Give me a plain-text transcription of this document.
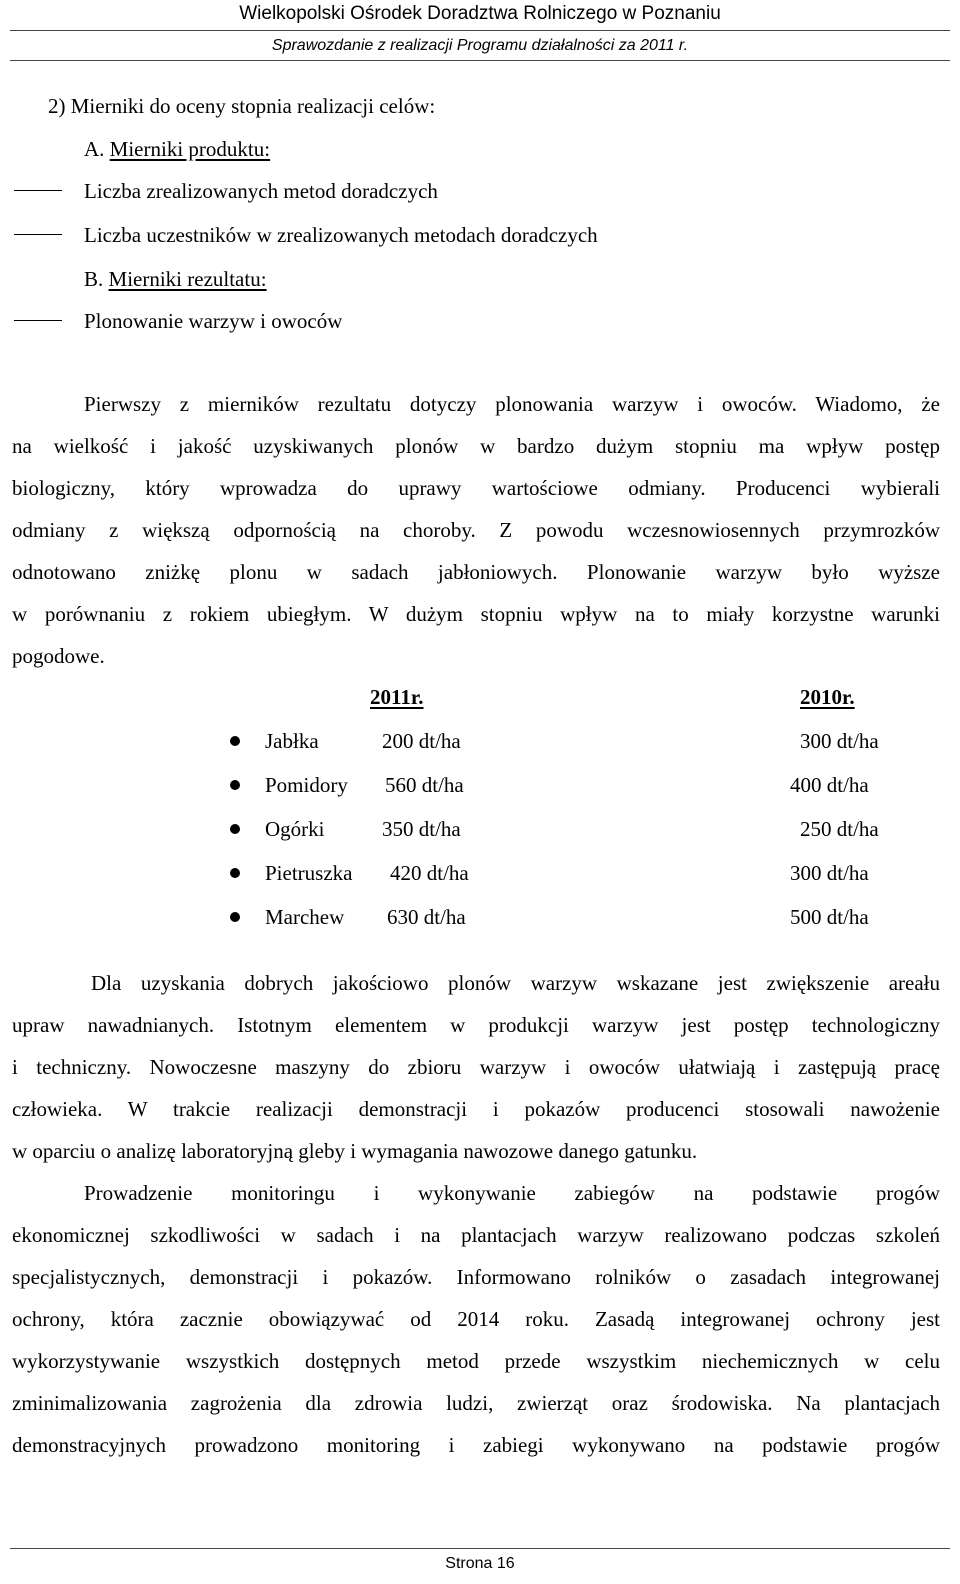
Wielkopolski Ośrodek Doradztwa Rolniczego w Poznaniu
Sprawozdanie z realizacji Programu działalności za 2011 r.
2) Mierniki do oceny stopnia realizacji celów:
A. Mierniki produktu:
Liczba zrealizowanych metod doradczych
Liczba uczestników w zrealizowanych metodach doradczych
B. Mierniki rezultatu:
Plonowanie warzyw i owoców
Pierwszy z mierników rezultatu dotyczy plonowania warzyw i owoców. Wiadomo, że
na wielkość i jakość uzyskiwanych plonów w bardzo dużym stopniu ma wpływ postęp
biologiczny, który wprowadza do uprawy wartościowe odmiany. Producenci wybierali
odmiany z większą odpornością na choroby. Z powodu wczesnowiosennych przymrozków
odnotowano zniżkę plonu w sadach jabłoniowych. Plonowanie warzyw było wyższe
w porównaniu z rokiem ubiegłym. W dużym stopniu wpływ na to miały korzystne warunki
pogodowe.
2011r.	2010r.
Jabłka	200 dt/ha	300 dt/ha
Pomidory 560 dt/ha	400 dt/ha
Ogórki	350 dt/ha	250 dt/ha
Pietruszka 420 dt/ha	300 dt/ha
Marchew 630 dt/ha	500 dt/ha
Dla uzyskania dobrych jakościowo plonów warzyw wskazane jest zwiększenie areału
upraw nawadnianych. Istotnym elementem w produkcji warzyw jest postęp technologiczny
i techniczny. Nowoczesne maszyny do zbioru warzyw i owoców ułatwiają i zastępują pracę
człowieka. W trakcie realizacji demonstracji i pokazów producenci stosowali nawożenie
w oparciu o analizę laboratoryjną gleby i wymagania nawozowe danego gatunku.
Prowadzenie monitoringu i wykonywanie zabiegów na podstawie progów
ekonomicznej szkodliwości w sadach i na plantacjach warzyw realizowano podczas szkoleń
specjalistycznych, demonstracji i pokazów. Informowano rolników o zasadach integrowanej
ochrony, która zacznie obowiązywać od 2014 roku. Zasadą integrowanej ochrony jest
wykorzystywanie wszystkich dostępnych metod przede wszystkim niechemicznych w celu
zminimalizowania zagrożenia dla zdrowia ludzi, zwierząt oraz środowiska. Na plantacjach
demonstracyjnych prowadzono monitoring i zabiegi wykonywano na podstawie progów
Strona 16
